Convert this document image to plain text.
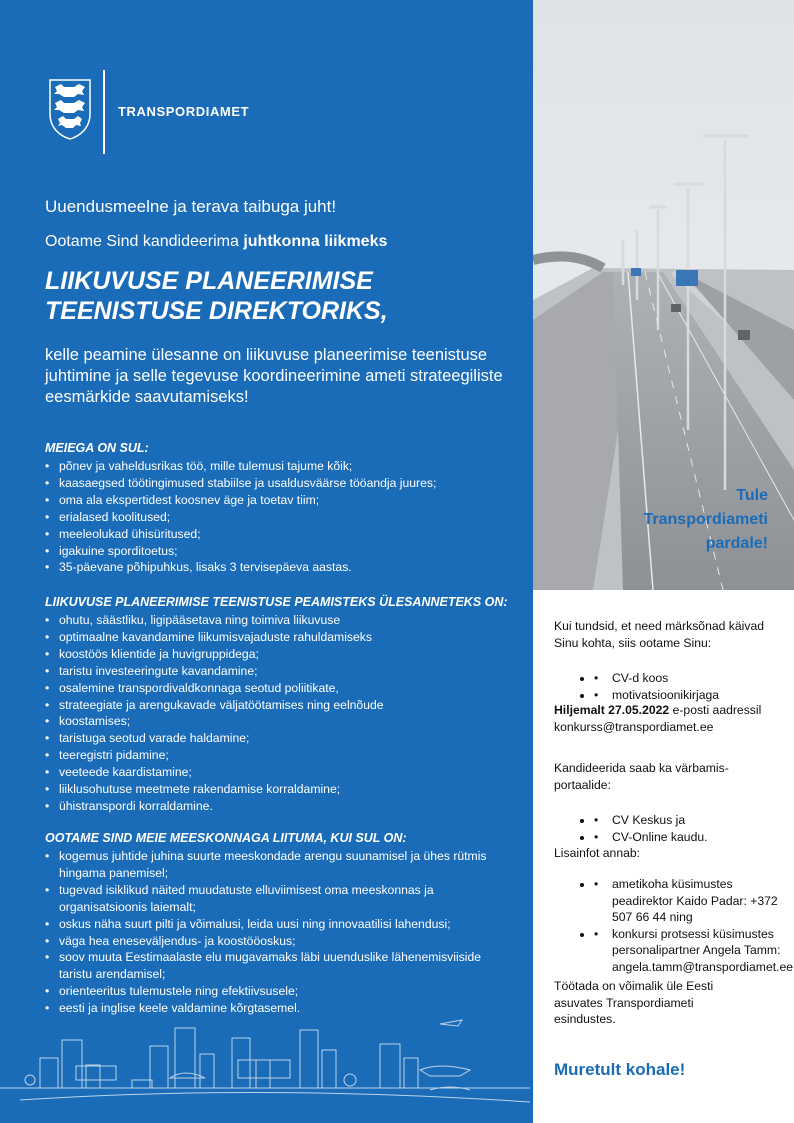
TRANSPORDIAMET
Uuendusmeelne ja terava taibuga juht!
Ootame Sind kandideerima juhtkonna liikmeks
LIIKUVUSE PLANEERIMISE
TEENISTUSE DIREKTORIKS,

kelle peamine ülesanne on liikuvuse planeerimise teenistuse juhtimine ja selle tegevuse koordineerimine ameti strateegiliste eesmärkide saavutamiseks!

MEIEGA ON SUL:
• põnev ja vaheldusrikas töö, mille tulemusi tajume kõik;
• kaasaegsed töötingimused stabiilse ja usaldusväärse tööandja juures;
• oma ala ekspertidest koosnev äge ja toetav tiim;
• erialased koolitused;
• meeleolukad ühisüritused;
• igakuine sporditoetus;
• 35-päevane põhipuhkus, lisaks 3 tervisepäeva aastas.
LIIKUVUSE PLANEERIMISE TEENISTUSE PEAMISTEKS ÜLESANNETEKS ON:
• ohutu, säästliku, ligipääsetava ning toimiva liikuvuse
• optimaalne kavandamine liikumisvajaduste rahuldamiseks
• koostöös klientide ja huvigruppidega;
• taristu investeeringute kavandamine;
• osalemine transpordivaldkonnaga seotud poliitikate,
• strateegiate ja arengukavade väljatöötamises ning eelnõude
• koostamises;
• taristuga seotud varade haldamine;
• teeregistri pidamine;
• veeteede kaardistamine;
• liiklusohutuse meetmete rakendamise korraldamine;
• ühistranspordi korraldamine.
OOTAME SIND MEIE MEESKONNAGA LIITUMA, KUI SUL ON:
• kogemus juhtide juhina suurte meeskondade arengu suunamisel ja ühes rütmis hingama panemisel;
• tugevad isiklikud näited muudatuste elluviimisest oma meeskonnas ja organisatsioonis laiemalt;
• oskus näha suurt pilti ja võimalusi, leida uusi ning innovaatilisi lahendusi;
• väga hea eneseväljendus- ja koostööoskus;
• soov muuta Eestimaalaste elu mugavamaks läbi uuenduslike lähenemisviiside taristu arendamisel;
• orienteeritus tulemustele ning efektiivsusele;
• eesti ja inglise keele valdamine kõrgtasemel.
Tule
Transpordiameti
pardale!
Kui tundsid, et need märksõnad käivad Sinu kohta, siis ootame Sinu:
• • CV-d koos
• • motivatsioonikirjaga
Hiljemalt 27.05.2022 e-posti aadressil
konkurss@transpordiamet.ee
Kandideerida saab ka värbamis-portaalide:
• • CV Keskus ja
• • CV-Online kaudu.
Lisainfot annab:
• • ametikoha küsimustes peadirektor Kaido Padar: +372 507 66 44 ning
• • konkursi protsessi küsimustes personalipartner Angela Tamm: angela.tamm@transpordiamet.ee
Töötada on võimalik üle Eesti asuvates Transpordiameti esindustes.
Muretult kohale!
